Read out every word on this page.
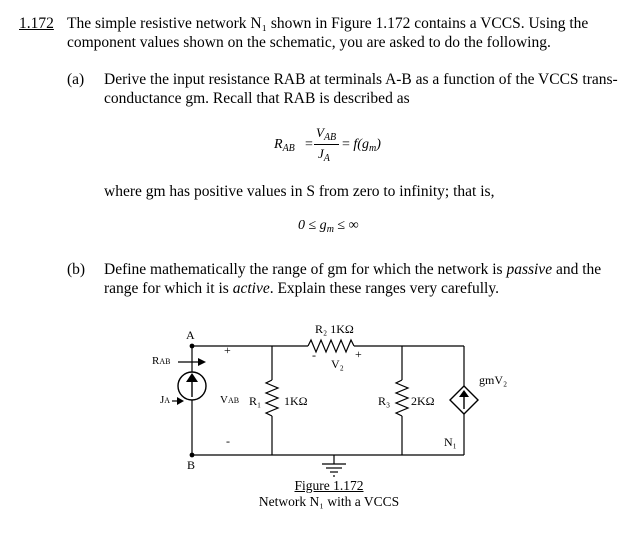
1.172 The simple resistive network N₁ shown in Figure 1.172 contains a VCCS. Using the
component values shown on the schematic, you are asked to do the following.
(a) Derive the input resistance RAB at terminals A-B as a function of the VCCS trans-
conductance gm. Recall that RAB is described as
$R_{AB}$ =
$V_{AB}$
$J_A$
= $f(g_m)$
where gm has positive values in S from zero to infinity; that is,
$0 \le g_m$ ≤ ∞
(b) Define mathematically the range of gm for which the network is passive and the
range for which it is active. Explain these ranges very carefully.
A
B
RAB
JA	VAB
+
-
R₁ 1KΩ
R₂ 1KΩ
V₂
-	+
R₃ 2KΩ
gmV₂
N₁
Figure 1.172
Network N₁ with a VCCS
